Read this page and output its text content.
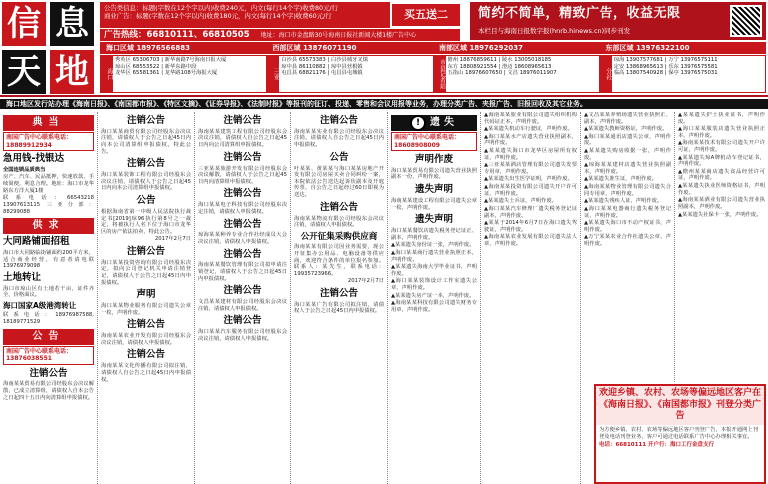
信 息
天 地
公告类信息：标题(字数在12个字以内)收费240元，内文(每行14个字)收费80元/行
商业广告：标题(字数在12个字以内)收费180元，内文(每行14个字)收费60元/行	买五送二	简约不简单，精致广告，收益无限
本栏目与海南日报数字报(hnrb.hinews.cn)同步刊发
广告热线：66810111、66810505 地址：海口市金盘路30号海南日报社新闻大楼1楼广告中心
海口区域 18976566883	西部区域 13876071190	南部区域 18976292037	东部区域 13976322100
海口
秀英区 65306703 | 新华南路7号海南日报大厦
琼山区 68553522 | 新华东路中段
龙华区 65581361 | 龙华路108号海报大厦	三亚
白沙县 65573383 | 白沙县城牙叉镇
琼中县 86110882 | 琼中县营根镇
屯昌县 68821176 | 屯昌县屯城镇	市县记者站 儋州 18876859611 | 陵水 13005018185
东方 18808921554 | 澄迈 18608965613
五指山 18976607650 | 文昌 18976011907	分社
琼海 13907577681 | 万宁 13976575111
定安 13868965613 | 乐东 13976575581
临高 13807540928 | 保亭 13976575031
海口地区发行站办理《海南日报》、《南国都市报》、《特区文摘》、《证券导报》、《法制时报》等报刊的征订、投递、零售和会议用报等业务，办理分类广告、夹报广告、旧报回收及其它业务。
典当
南国广告中心联系电话：18889912934
急用钱-找银达

全国连锁品质典当

房产、汽车、民品抵押，快速放款，手续简便，利息合理。地址：海口市龙华路东方洋大厦1楼

联系电话：66543218 13907613115 三亚分部：88299088

供求
大同路铺面招租

海口市大同路临街铺面约200平方米，适合商业经营，有意者请电联13976979098

土地转让

海口市琼山区有土地若干亩，证件齐全，价格面议。

海口国家A级港湾转让

联系电话：18976987588, 18189771529

公告
南国广告中心联系电话：13876038551
注销公告

海南某某贸易有限公司经股东会决议解散，已成立清算组，请债权人自本公告之日起四十五日内向清算组申报债权。

注销公告

海口某某商贸有限公司经股东会决议注销，请债权人于公告之日起45日内向本公司清算组申报债权。特此公告。

注销公告

海口某某装饰工程有限公司经股东会决议注销，请债权人于公告之日起45日内向本公司清算组申报债权。

公告

根据海南省第一中级人民法院执行裁定书[2019]琼96执行第8号之一裁定，将被执行人名下位于海口市龙华区的房产依法拍卖，特此公告。

2017年2月7日
注销公告

海口某某投资咨询有限公司经股东决定，拟向公司登记机关申请注销登记，请债权人于公告之日起45日内申报债权。

声明

海口某某物业服务有限公司遗失公章一枚，声明作废。

注销公告

海南某某农业开发有限公司经股东会决议注销，请债权人申报债权。

注销公告

海南某某文化传播有限公司拟注销，请债权人自公告之日起45日内申报债权。

注销公告

海南某某建筑工程有限公司经股东会决议注销，请债权人自公告之日起45日内向公司清算组申报债权。

注销公告

三亚某某旅游开发有限公司经股东会决议解散，请债权人于公告之日起45日内向清算组申报债权。

注销公告

海口某某电子科技有限公司经股东决定注销，请债权人申报债权。

注销公告

琼海某某种养专业合作社经成员大会决议注销，请债权人申报债权。

注销公告

海南某某餐饮管理有限公司拟申请注销登记，请债权人于公告之日起45日内申报债权。

注销公告

文昌某某建材有限公司经股东会决议注销，请债权人申报债权。

注销公告

海口某某汽车服务有限公司经股东会决议注销，请债权人申报债权。

注销公告

海南某某实业有限公司经股东会决议注销，请债权人自公告之日起45日内申报债权。

公告

叶某某、黄某某与海口某某房地产开发有限公司房屋买卖合同纠纷一案，本院依法公告送达起诉状副本及开庭传票，自公告之日起经过60日即视为送达。

注销公告

海南某某物流有限公司经股东会决议注销，请债权人申报债权。

公开征集采购供应商

海南某某有限公司因业务需要，现公开征集办公用品、电脑设备等供应商，欢迎符合条件的单位报名参加。联系人：某先生，联系电话：19935723966。

2017年2月7日
注销公告

海口某某广告有限公司拟注销，请债权人于公告之日起45日内申报债权。

! 遗失
南国广告中心联系电话：18608908009
声明作废

海口某某贸易有限公司遗失营业执照副本一份，声明作废。

遗失声明

海南某某建设工程有限公司遗失公章一枚，声明作废。

遗失声明

海口某某餐饮店遗失税务登记证正、副本，声明作废。

▲某某遗失身份证一张，声明作废。

▲海口某某商行遗失营业执照正本，声明作废。

▲某某遗失海南大学毕业证书，声明作废。

▲海口某某装饰设计工作室遗失公章，声明作废。

▲某某遗失房产证一本，声明作废。

▲海南某某科技有限公司遗失财务专用章，声明作废。

▲海南某某旅业有限公司遗失组织机构代码证正本，声明作废。

▲某某遗失机动车行驶证，声明作废。

▲海口某某水产店遗失营业执照副本，声明作废。

▲某某遗失海口市龙华区房屋所有权证，声明作废。

▲三亚某某酒店管理有限公司遗失发票专用章，声明作废。

▲某某遗失出生医学证明，声明作废。

▲海南某某投资有限公司遗失开户许可证，声明作废。

▲某某遗失士兵证，声明作废。

▲海口某某汽车修理厂遗失税务登记证副本，声明作废。

▲某某于2014年6月7日在海口遗失驾驶证，声明作废。

▲海南某某农业发展有限公司遗失法人章，声明作废。

▲文昌某某养殖场遗失营业执照正、副本，声明作废。

▲某某遗失教师资格证，声明作废。

▲海口某某通讯店遗失公章，声明作废。

▲某某遗失购房收据一张，声明作废。

▲琼海某某建材店遗失营业执照副本，声明作废。

▲某某遗失准生证，声明作废。

▲海南某某物业管理有限公司遗失合同专用章，声明作废。

▲某某遗失残疾人证，声明作废。

▲海口某某电器商行遗失税务登记证，声明作废。

▲某某遗失海口市不动产权证书，声明作废。

▲万宁某某农业合作社遗失公章，声明作废。

▲某某遗失护士执业证书，声明作废。

▲海口某某服装店遗失营业执照正本，声明作废。

▲海南某某技术有限公司遗失开户许可证，声明作废。

▲某某遗失琼A牌机动车登记证书，声明作废。

▲儋州某某商店遗失食品经营许可证，声明作废。

▲某某遗失执业医师资格证书，声明作废。

▲海南某某酒业有限公司遗失营业执照副本，声明作废。

▲某某遗失社保卡一张，声明作废。

欢迎乡镇、农村、农场等偏远地区客户在《海南日报》、《南国都市报》刊登分类广告
为方便乡镇、农村、农场等偏远地区客户刊登广告，本报开通网上刊登及电话刊登业务，客户可通过电话联系广告中心办理相关事宜。
电话：66810111 开户行：海口工行金盘支行
